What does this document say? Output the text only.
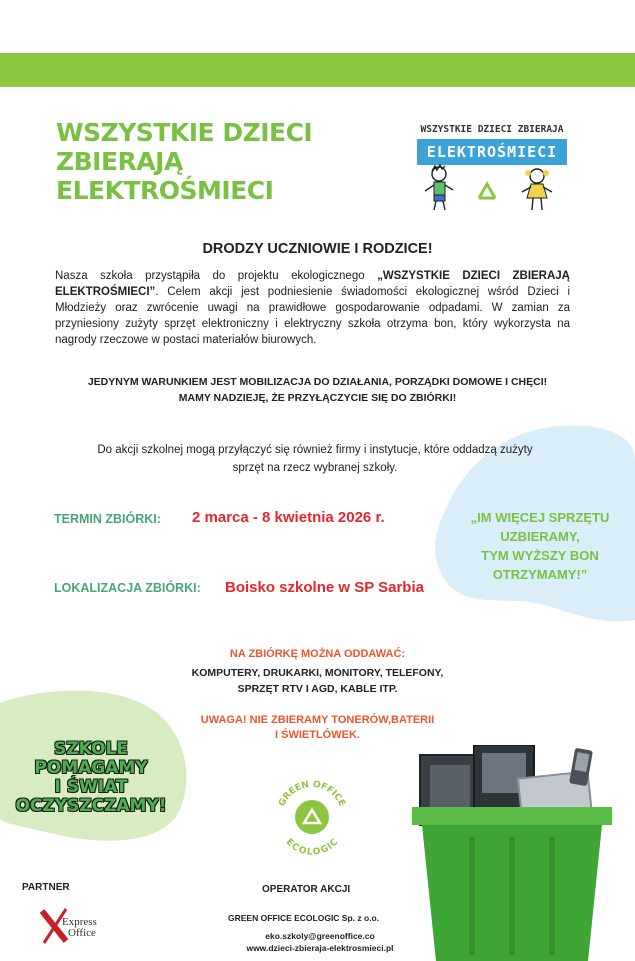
WSZYSTKIE DZIECI
ZBIERAJĄ
ELEKTROŚMIECI
WSZYSTKIE DZIECI ZBIERAJA
ELEKTROŚMIECI
DRODZY UCZNIOWIE I RODZICE!
Nasza szkoła przystąpiła do projektu ekologicznego „WSZYSTKIE DZIECI ZBIERAJĄ ELEKTROŚMIECI”. Celem akcji jest podniesienie świadomości ekologicznej wśród Dzieci i Młodzieży oraz zwrócenie uwagi na prawidłowe gospodarowanie odpadami. W zamian za przyniesiony zużyty sprzęt elektroniczny i elektryczny szkoła otrzyma bon, który wykorzysta na nagrody rzeczowe w postaci materiałów biurowych.
JEDYNYM WARUNKIEM JEST MOBILIZACJA DO DZIAŁANIA, PORZĄDKI DOMOWE I CHĘCI!
MAMY NADZIEJĘ, ŻE PRZYŁĄCZYCIE SIĘ DO ZBIÓRKI!
Do akcji szkolnej mogą przyłączyć się również firmy i instytucje, które oddadzą zużyty
sprzęt na rzecz wybranej szkoły.
TERMIN ZBIÓRKI: 2 marca - 8 kwietnia 2026 r.
LOKALIZACJA ZBIÓRKI: Boisko szkolne w SP Sarbia
„IM WIĘCEJ SPRZĘTU
UZBIERAMY,
TYM WYŻSZY BON
OTRZYMAMY!”
NA ZBIÓRKĘ MOŻNA ODDAWAĆ:
KOMPUTERY, DRUKARKI, MONITORY, TELEFONY,
SPRZĘT RTV I AGD, KABLE ITP.
UWAGA! NIE ZBIERAMY TONERÓW,BATERII
I ŚWIETLÓWEK.
SZKOLE
POMAGAMY
I ŚWIAT
OCZYSZCZAMY!	GREEN OFFICE
ECOLOGIC
PARTNER
Express
Office
OPERATOR AKCJI
GREEN OFFICE ECOLOGIC Sp. z o.o.
eko.szkoly@greenoffice.co
www.dzieci-zbieraja-elektrosmieci.pl
